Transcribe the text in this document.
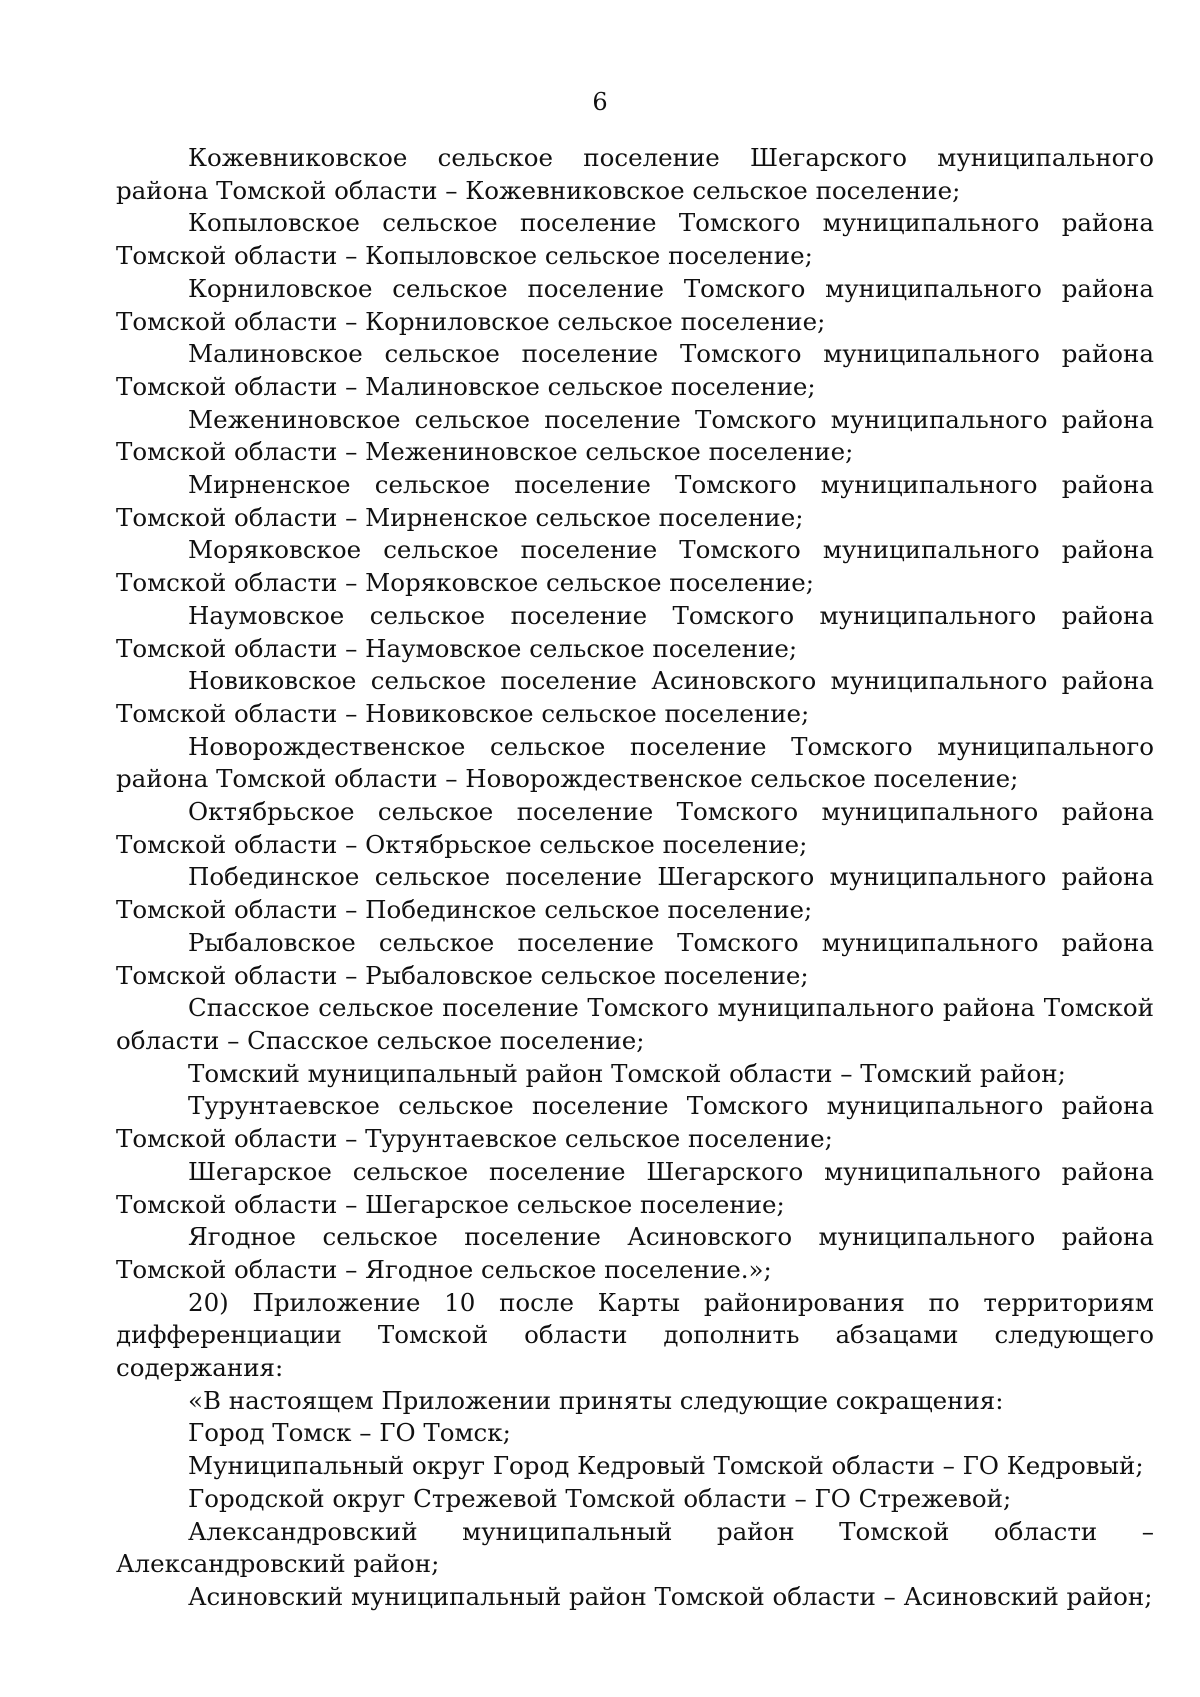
6

Кожевниковское сельское поселение Шегарского муниципального района Томской области – Кожевниковское сельское поселение;

Копыловское сельское поселение Томского муниципального района Томской области – Копыловское сельское поселение;

Корниловское сельское поселение Томского муниципального района Томской области – Корниловское сельское поселение;

Малиновское сельское поселение Томского муниципального района Томской области – Малиновское сельское поселение;

Межениновское сельское поселение Томского муниципального района Томской области – Межениновское сельское поселение;

Мирненское сельское поселение Томского муниципального района Томской области – Мирненское сельское поселение;

Моряковское сельское поселение Томского муниципального района Томской области – Моряковское сельское поселение;

Наумовское сельское поселение Томского муниципального района Томской области – Наумовское сельское поселение;

Новиковское сельское поселение Асиновского муниципального района Томской области – Новиковское сельское поселение;

Новорождественское сельское поселение Томского муниципального района Томской области – Новорождественское сельское поселение;

Октябрьское сельское поселение Томского муниципального района Томской области – Октябрьское сельское поселение;

Побединское сельское поселение Шегарского муниципального района Томской области – Побединское сельское поселение;

Рыбаловское сельское поселение Томского муниципального района Томской области – Рыбаловское сельское поселение;

Спасское сельское поселение Томского муниципального района Томской области – Спасское сельское поселение;

Томский муниципальный район Томской области – Томский район;

Турунтаевское сельское поселение Томского муниципального района Томской области – Турунтаевское сельское поселение;

Шегарское сельское поселение Шегарского муниципального района Томской области – Шегарское сельское поселение;

Ягодное сельское поселение Асиновского муниципального района Томской области – Ягодное сельское поселение.»;

20) Приложение 10 после Карты районирования по территориям дифференциации Томской области дополнить абзацами следующего содержания:

«В настоящем Приложении приняты следующие сокращения:

Город Томск – ГО Томск;

Муниципальный округ Город Кедровый Томской области – ГО Кедровый;

Городской округ Стрежевой Томской области – ГО Стрежевой;

Александровский муниципальный район Томской области – Александровский район;

Асиновский муниципальный район Томской области – Асиновский район;
